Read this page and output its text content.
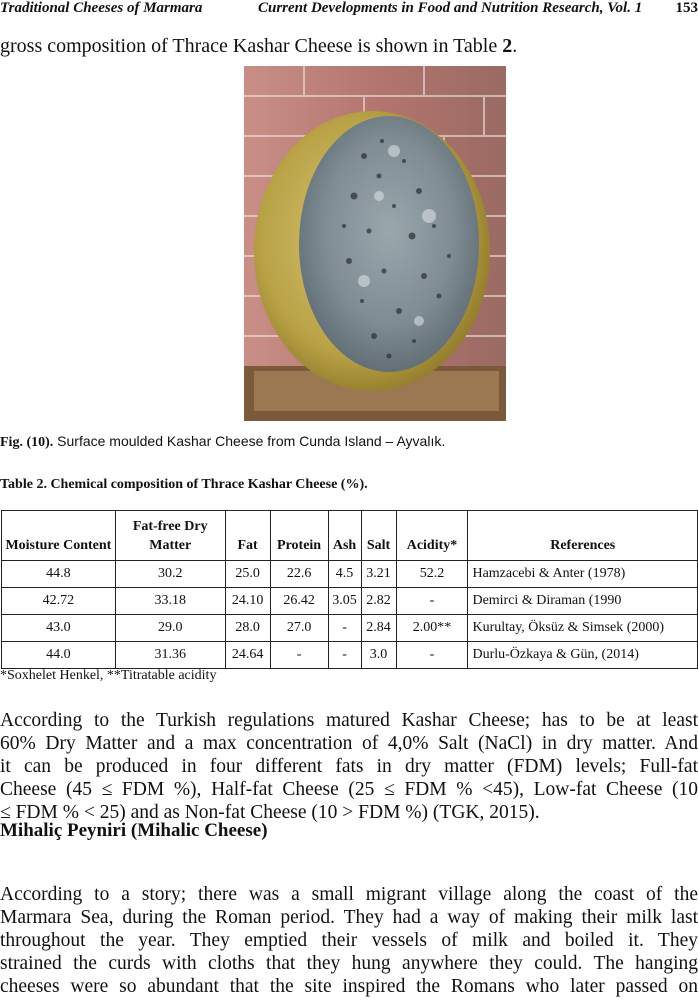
Traditional Cheeses of Marmara	Current Developments in Food and Nutrition Research, Vol. 1 153
gross composition of Thrace Kashar Cheese is shown in Table 2.
Fig. (10). Surface moulded Kashar Cheese from Cunda Island – Ayvalık.
Table 2. Chemical composition of Thrace Kashar Cheese (%).
Moisture Content	Fat-free Dry Matter	Fat	Protein	Ash	Salt	Acidity*	References
44.8	30.2	25.0	22.6	4.5	3.21	52.2	Hamzacebi & Anter (1978)
42.72	33.18	24.10	26.42	3.05	2.82	-	Demirci & Diraman (1990
43.0	29.0	28.0	27.0	-	2.84	2.00**	Kurultay, Öksüz & Simsek (2000)
44.0	31.36	24.64	-	-	3.0	-	Durlu-Özkaya & Gün, (2014)
*Soxhelet Henkel, **Titratable acidity
According to the Turkish regulations matured Kashar Cheese; has to be at least
60% Dry Matter and a max concentration of 4,0% Salt (NaCl) in dry matter. And
it can be produced in four different fats in dry matter (FDM) levels; Full-fat
Cheese (45 ≤ FDM %), Half-fat Cheese (25 ≤ FDM % <45), Low-fat Cheese (10
≤ FDM % < 25) and as Non-fat Cheese (10 > FDM %) (TGK, 2015).
Mihaliç Peyniri (Mihalic Cheese)
According to a story; there was a small migrant village along the coast of the
Marmara Sea, during the Roman period. They had a way of making their milk last
throughout the year. They emptied their vessels of milk and boiled it. They
strained the curds with cloths that they hung anywhere they could. The hanging
cheeses were so abundant that the site inspired the Romans who later passed on
